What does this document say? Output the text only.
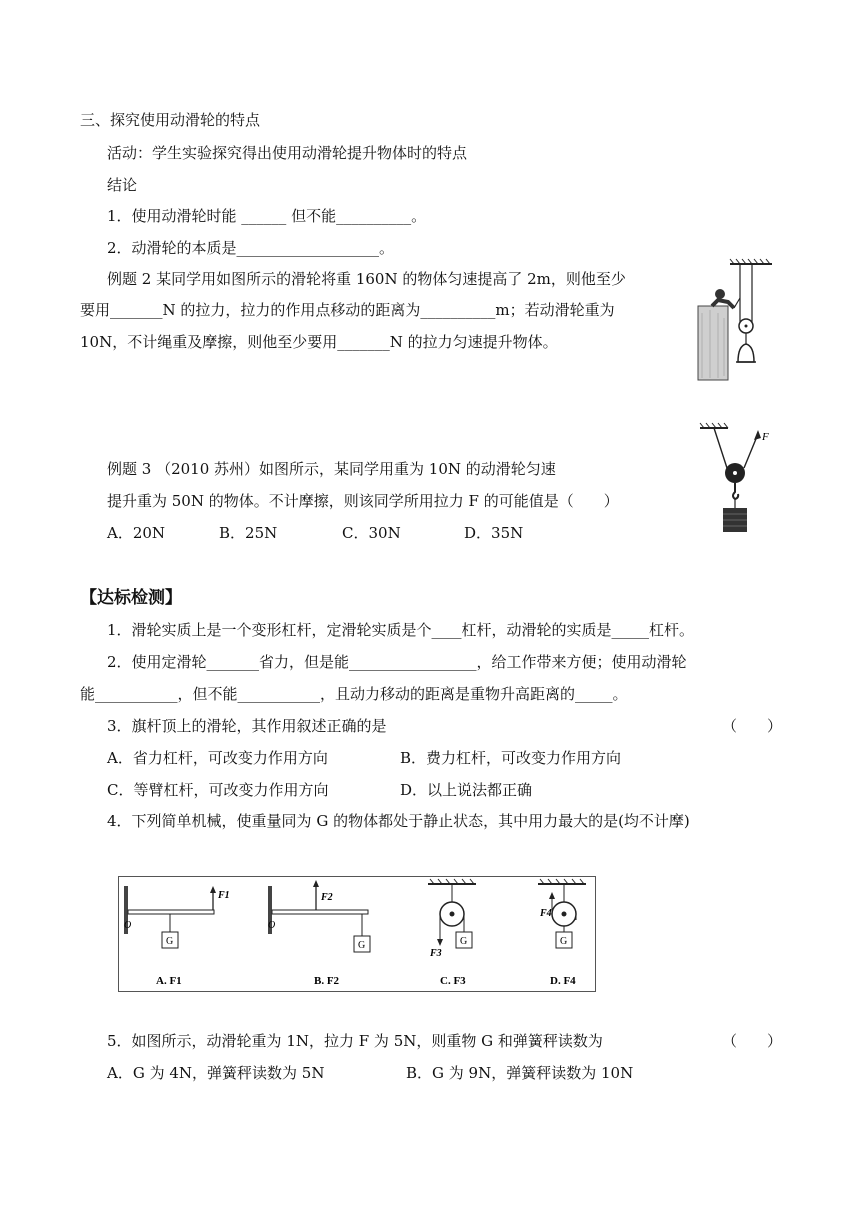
三、探究使用动滑轮的特点
活动：学生实验探究得出使用动滑轮提升物体时的特点
结论
1．使用动滑轮时能 ______ 但不能__________。
2．动滑轮的本质是___________________。
例题 2 某同学用如图所示的滑轮将重 160N 的物体匀速提高了 2m，则他至少
要用_______N 的拉力，拉力的作用点移动的距离为__________m；若动滑轮重为
10N，不计绳重及摩擦，则他至少要用_______N 的拉力匀速提升物体。
例题 3 （2010 苏州）如图所示，某同学用重为 10N 的动滑轮匀速
提升重为 50N 的物体。不计摩擦，则该同学所用拉力 F 的可能值是（　　）
A．20N	B．25N	C．30N	D．35N
F
【达标检测】
1．滑轮实质上是一个变形杠杆，定滑轮实质是个____杠杆，动滑轮的实质是_____杠杆。
2．使用定滑轮_______省力，但是能_________________，给工作带来方便；使用动滑轮
能___________，但不能___________，且动力移动的距离是重物升高距离的_____。
3．旗杆顶上的滑轮，其作用叙述正确的是	（　　）
A．省力杠杆，可改变力作用方向	B．费力杠杆，可改变力作用方向
C．等臂杠杆，可改变力作用方向	D．以上说法都正确
4．下列简单机械，使重量同为 G 的物体都处于静止状态，其中用力最大的是(均不计摩)
F1
O
G
A. F1
F2
O
G
B. F2
F3
G
C. F3
F4
G
D. F4
5．如图所示，动滑轮重为 1N，拉力 F 为 5N，则重物 G 和弹簧秤读数为	（　　）
A．G 为 4N，弹簧秤读数为 5N	B．G 为 9N，弹簧秤读数为 10N
